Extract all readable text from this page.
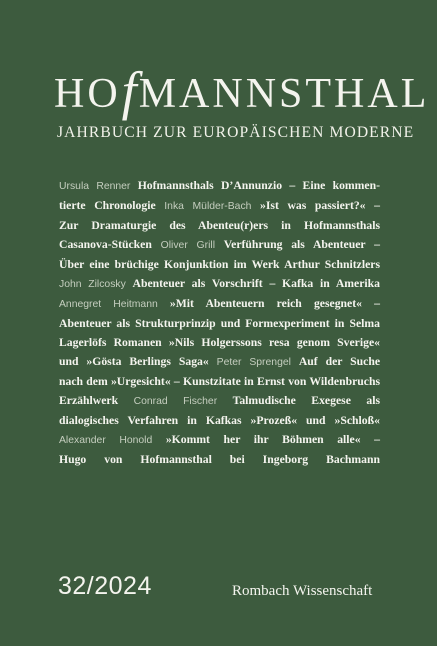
HOfMANNSTHAL
JAHRBUCH ZUR EUROPÄISCHEN MODERNE
Ursula Renner Hofmannsthals D’Annunzio – Eine kommen-
tierte Chronologie Inka Mülder-Bach »Ist was passiert?« –
Zur Dramaturgie des Abenteu(r)ers in Hofmannsthals
Casanova-Stücken Oliver Grill Verführung als Abenteuer –
Über eine brüchige Konjunktion im Werk Arthur Schnitzlers
John Zilcosky Abenteuer als Vorschrift – Kafka in Amerika
Annegret Heitmann »Mit Abenteuern reich gesegnet« –
Abenteuer als Strukturprinzip und Formexperiment in Selma
Lagerlöfs Romanen »Nils Holgerssons resa genom Sverige«
und »Gösta Berlings Saga« Peter Sprengel Auf der Suche
nach dem »Urgesicht« – Kunstzitate in Ernst von Wildenbruchs
Erzählwerk Conrad Fischer Talmudische Exegese als
dialogisches Verfahren in Kafkas »Prozeß« und »Schloß«
Alexander Honold »Kommt her ihr Böhmen alle« –
Hugo von Hofmannsthal bei Ingeborg Bachmann
32/2024	Rombach Wissenschaft
